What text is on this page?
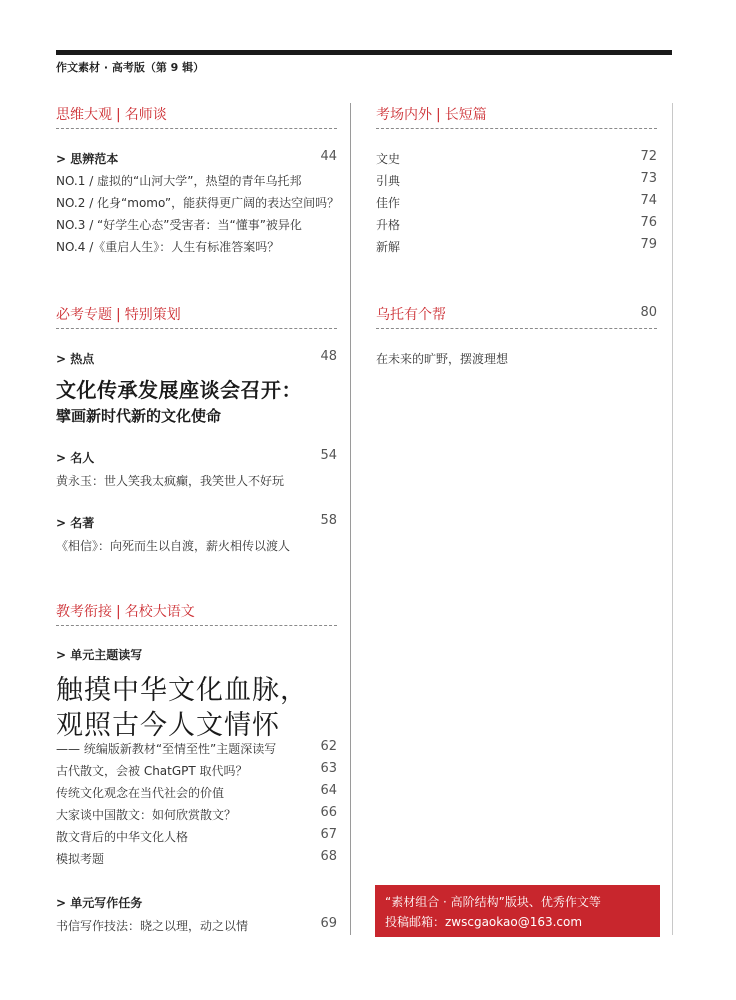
作文素材 · 高考版（第 9 辑）
思维大观 | 名师谈
> 思辨范本	44
NO.1 / 虚拟的“山河大学”，热望的青年乌托邦
NO.2 / 化身“momo”，能获得更广阔的表达空间吗？
NO.3 / “好学生心态”受害者：当“懂事”被异化
NO.4 /《重启人生》：人生有标准答案吗？
必考专题 | 特别策划
> 热点	48
文化传承发展座谈会召开：
擘画新时代新的文化使命
> 名人	54
黄永玉：世人笑我太疯癫，我笑世人不好玩
> 名著	58
《相信》：向死而生以自渡，薪火相传以渡人
教考衔接 | 名校大语文
> 单元主题读写
触摸中华文化血脉，
观照古今人文情怀
—— 统编版新教材“至情至性”主题深读写	62
古代散文，会被 ChatGPT 取代吗？	63
传统文化观念在当代社会的价值	64
大家谈中国散文：如何欣赏散文？	66
散文背后的中华文化人格	67
模拟考题	68
> 单元写作任务
书信写作技法：晓之以理，动之以情	69
考场内外 | 长短篇
文史	72
引典	73
佳作	74
升格	76
新解	79
乌托有个帮	80
在未来的旷野，摆渡理想
“素材组合 · 高阶结构”版块、优秀作文等
投稿邮箱：zwscgaokao@163.com
